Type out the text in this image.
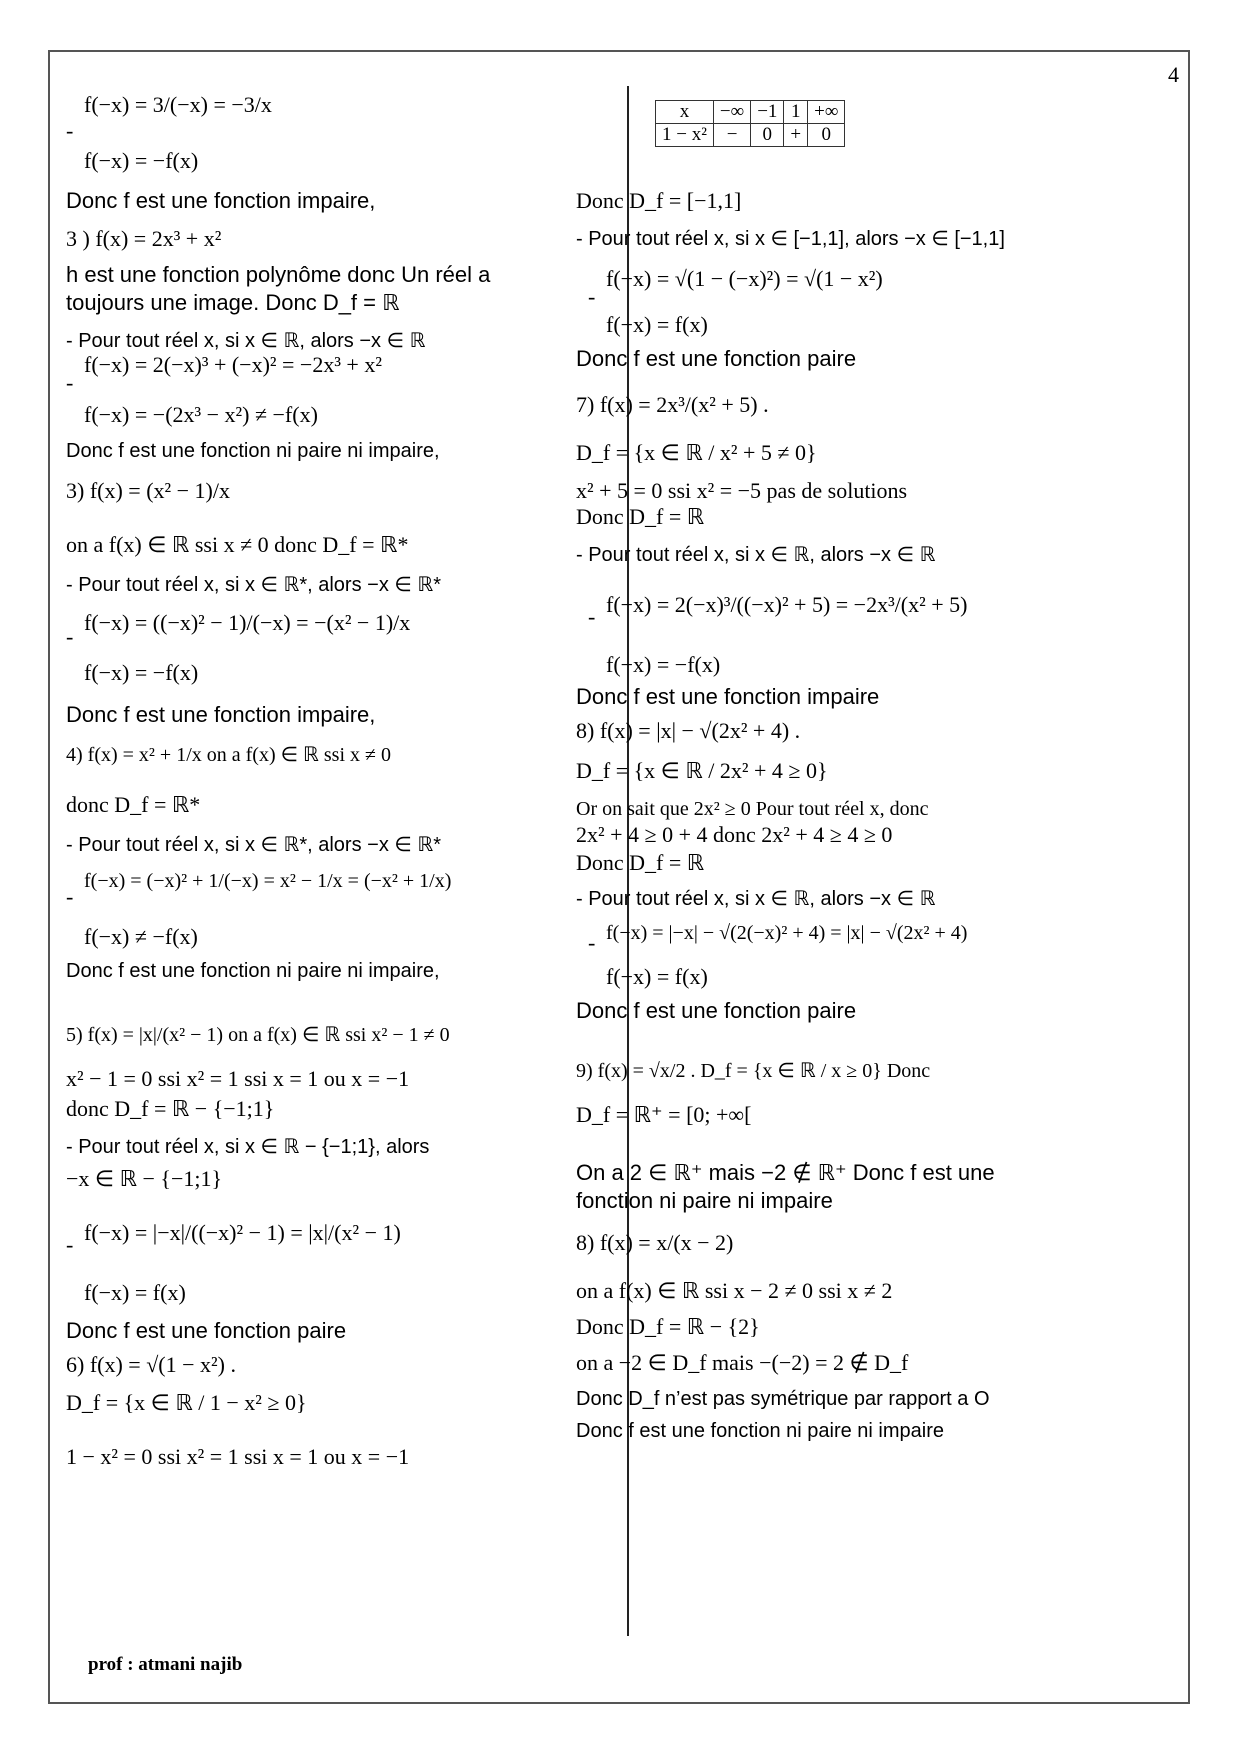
4
-
f(−x) = 3/(−x) = −3/x
f(−x) = −f(x)
Donc f est une fonction impaire,
3 ) f(x) = 2x³ + x²
h est une fonction polynôme donc Un réel a
toujours une image. Donc D_f = ℝ
- Pour tout réel x, si x ∈ ℝ, alors −x ∈ ℝ
-
f(−x) = 2(−x)³ + (−x)² = −2x³ + x²
f(−x) = −(2x³ − x²) ≠ −f(x)
Donc f est une fonction ni paire ni impaire,
3) f(x) = (x² − 1)/x
on a f(x) ∈ ℝ ssi x ≠ 0 donc D_f = ℝ*
- Pour tout réel x, si x ∈ ℝ*, alors −x ∈ ℝ*
-
f(−x) = ((−x)² − 1)/(−x) = −(x² − 1)/x
f(−x) = −f(x)
Donc f est une fonction impaire,
4) f(x) = x² + 1/x on a f(x) ∈ ℝ ssi x ≠ 0
donc D_f = ℝ*
- Pour tout réel x, si x ∈ ℝ*, alors −x ∈ ℝ*
-
f(−x) = (−x)² + 1/(−x) = x² − 1/x = (−x² + 1/x)
f(−x) ≠ −f(x)
Donc f est une fonction ni paire ni impaire,
5) f(x) = |x|/(x² − 1) on a f(x) ∈ ℝ ssi x² − 1 ≠ 0
x² − 1 = 0 ssi x² = 1 ssi x = 1 ou x = −1
donc D_f = ℝ − {−1;1}
- Pour tout réel x, si x ∈ ℝ − {−1;1}, alors
−x ∈ ℝ − {−1;1}
- f(−x) = |−x|/((−x)² − 1) = |x|/(x² − 1)
f(−x) = f(x)
Donc f est une fonction paire
6) f(x) = √(1 − x²) .
D_f = {x ∈ ℝ / 1 − x² ≥ 0}
1 − x² = 0 ssi x² = 1 ssi x = 1 ou x = −1
x	−∞	−1	1	+∞
1 − x²	−	0	+	0
Donc D_f = [−1,1]
- Pour tout réel x, si x ∈ [−1,1], alors −x ∈ [−1,1]
-
f(−x) = √(1 − (−x)²) = √(1 − x²)
f(−x) = f(x)
Donc f est une fonction paire
7) f(x) = 2x³/(x² + 5) .
D_f = {x ∈ ℝ / x² + 5 ≠ 0}
x² + 5 = 0 ssi x² = −5 pas de solutions
Donc D_f = ℝ
- Pour tout réel x, si x ∈ ℝ, alors −x ∈ ℝ
- f(−x) = 2(−x)³/((−x)² + 5) = −2x³/(x² + 5)
f(−x) = −f(x)
Donc f est une fonction impaire
8) f(x) = |x| − √(2x² + 4) .
D_f = {x ∈ ℝ / 2x² + 4 ≥ 0}
Or on sait que 2x² ≥ 0 Pour tout réel x, donc
2x² + 4 ≥ 0 + 4 donc 2x² + 4 ≥ 4 ≥ 0
Donc D_f = ℝ
- Pour tout réel x, si x ∈ ℝ, alors −x ∈ ℝ
- f(−x) = |−x| − √(2(−x)² + 4) = |x| − √(2x² + 4)
f(−x) = f(x)
Donc f est une fonction paire
9) f(x) = √x/2 . D_f = {x ∈ ℝ / x ≥ 0} Donc
D_f = ℝ⁺ = [0; +∞[
On a 2 ∈ ℝ⁺ mais −2 ∉ ℝ⁺ Donc f est une
fonction ni paire ni impaire
8) f(x) = x/(x − 2)
on a f(x) ∈ ℝ ssi x − 2 ≠ 0 ssi x ≠ 2
Donc D_f = ℝ − {2}
on a −2 ∈ D_f mais −(−2) = 2 ∉ D_f
Donc D_f n’est pas symétrique par rapport a O
Donc f est une fonction ni paire ni impaire
prof : atmani najib
